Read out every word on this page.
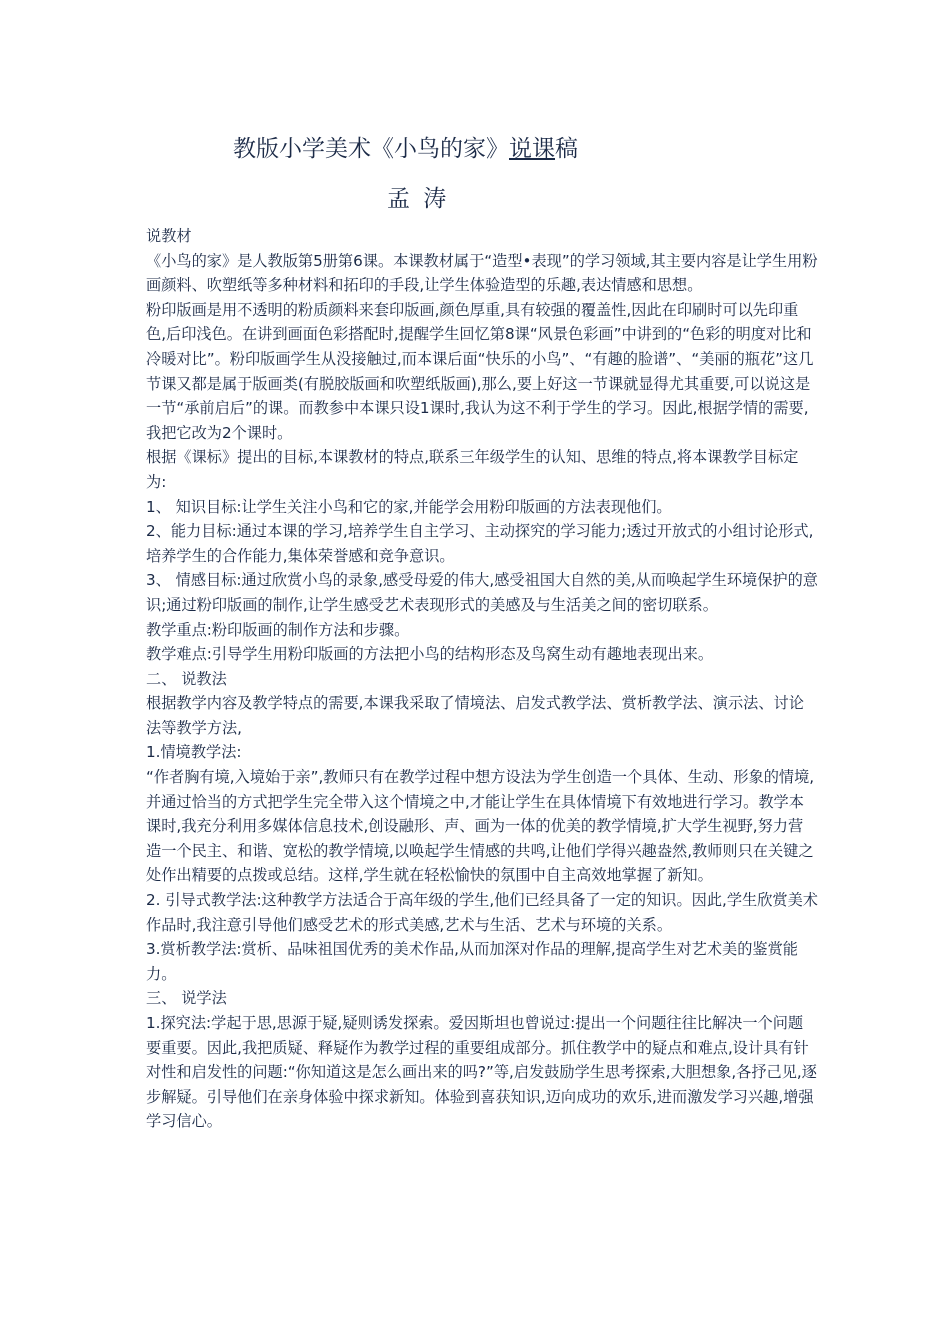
教版小学美术《小鸟的家》说课稿
孟 涛

说教材

《小鸟的家》是人教版第5册第6课。本课教材属于“造型•表现”的学习领域,其主要内容是让学生用粉画颜料、吹塑纸等多种材料和拓印的手段,让学生体验造型的乐趣,表达情感和思想。

粉印版画是用不透明的粉质颜料来套印版画,颜色厚重,具有较强的覆盖性,因此在印刷时可以先印重色,后印浅色。在讲到画面色彩搭配时,提醒学生回忆第8课“风景色彩画”中讲到的“色彩的明度对比和冷暖对比”。粉印版画学生从没接触过,而本课后面“快乐的小鸟”、“有趣的脸谱”、“美丽的瓶花”这几节课又都是属于版画类(有脱胶版画和吹塑纸版画),那么,要上好这一节课就显得尤其重要,可以说这是一节“承前启后”的课。而教参中本课只设1课时,我认为这不利于学生的学习。因此,根据学情的需要,我把它改为2个课时。

根据《课标》提出的目标,本课教材的特点,联系三年级学生的认知、思维的特点,将本课教学目标定为:

1、 知识目标:让学生关注小鸟和它的家,并能学会用粉印版画的方法表现他们。

2、能力目标:通过本课的学习,培养学生自主学习、主动探究的学习能力;透过开放式的小组讨论形式,培养学生的合作能力,集体荣誉感和竞争意识。

3、 情感目标:通过欣赏小鸟的录象,感受母爱的伟大,感受祖国大自然的美,从而唤起学生环境保护的意识;通过粉印版画的制作,让学生感受艺术表现形式的美感及与生活美之间的密切联系。

教学重点:粉印版画的制作方法和步骤。

教学难点:引导学生用粉印版画的方法把小鸟的结构形态及鸟窝生动有趣地表现出来。

二、 说教法

根据教学内容及教学特点的需要,本课我采取了情境法、启发式教学法、赏析教学法、演示法、讨论法等教学方法,

1.情境教学法:

“作者胸有境,入境始于亲”,教师只有在教学过程中想方设法为学生创造一个具体、生动、形象的情境,并通过恰当的方式把学生完全带入这个情境之中,才能让学生在具体情境下有效地进行学习。教学本课时,我充分利用多媒体信息技术,创设融形、声、画为一体的优美的教学情境,扩大学生视野,努力营造一个民主、和谐、宽松的教学情境,以唤起学生情感的共鸣,让他们学得兴趣盎然,教师则只在关键之处作出精要的点拨或总结。这样,学生就在轻松愉快的氛围中自主高效地掌握了新知。

2. 引导式教学法:这种教学方法适合于高年级的学生,他们已经具备了一定的知识。因此,学生欣赏美术作品时,我注意引导他们感受艺术的形式美感,艺术与生活、艺术与环境的关系。

3.赏析教学法:赏析、品味祖国优秀的美术作品,从而加深对作品的理解,提高学生对艺术美的鉴赏能力。

三、 说学法

1.探究法:学起于思,思源于疑,疑则诱发探索。爱因斯坦也曾说过:提出一个问题往往比解决一个问题要重要。因此,我把质疑、释疑作为教学过程的重要组成部分。抓住教学中的疑点和难点,设计具有针对性和启发性的问题:“你知道这是怎么画出来的吗?”等,启发鼓励学生思考探索,大胆想象,各抒己见,逐步解疑。引导他们在亲身体验中探求新知。体验到喜获知识,迈向成功的欢乐,进而激发学习兴趣,增强学习信心。
